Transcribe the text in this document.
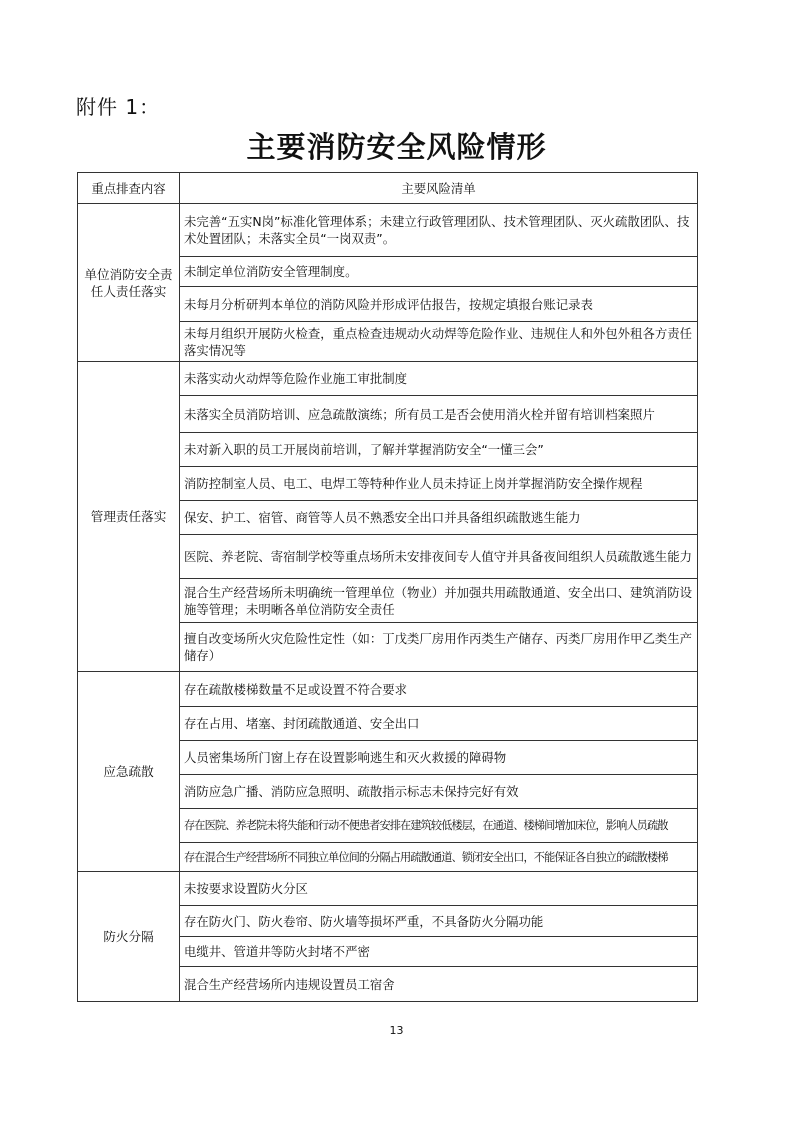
附件 1：
主要消防安全风险情形
重点排查内容	主要风险清单
单位消防安全责任人责任落实	未完善“五实N岗”标准化管理体系；未建立行政管理团队、技术管理团队、灭火疏散团队、技术处置团队；未落实全员“一岗双责”。
	未制定单位消防安全管理制度。
	未每月分析研判本单位的消防风险并形成评估报告，按规定填报台账记录表
	未每月组织开展防火检查，重点检查违规动火动焊等危险作业、违规住人和外包外租各方责任落实情况等
管理责任落实	未落实动火动焊等危险作业施工审批制度
	未落实全员消防培训、应急疏散演练；所有员工是否会使用消火栓并留有培训档案照片
	未对新入职的员工开展岗前培训，了解并掌握消防安全“一懂三会”
	消防控制室人员、电工、电焊工等特种作业人员未持证上岗并掌握消防安全操作规程
	保安、护工、宿管、商管等人员不熟悉安全出口并具备组织疏散逃生能力
	医院、养老院、寄宿制学校等重点场所未安排夜间专人值守并具备夜间组织人员疏散逃生能力
	混合生产经营场所未明确统一管理单位（物业）并加强共用疏散通道、安全出口、建筑消防设施等管理；未明晰各单位消防安全责任
	擅自改变场所火灾危险性定性（如：丁戊类厂房用作丙类生产储存、丙类厂房用作甲乙类生产储存）
应急疏散	存在疏散楼梯数量不足或设置不符合要求
	存在占用、堵塞、封闭疏散通道、安全出口
	人员密集场所门窗上存在设置影响逃生和灭火救援的障碍物
	消防应急广播、消防应急照明、疏散指示标志未保持完好有效
	存在医院、养老院未将失能和行动不便患者安排在建筑较低楼层，在通道、楼梯间增加床位，影响人员疏散
	存在混合生产经营场所不同独立单位间的分隔占用疏散通道、锁闭安全出口，不能保证各自独立的疏散楼梯
防火分隔	未按要求设置防火分区
	存在防火门、防火卷帘、防火墙等损坏严重，不具备防火分隔功能
	电缆井、管道井等防火封堵不严密
	混合生产经营场所内违规设置员工宿舍
13
